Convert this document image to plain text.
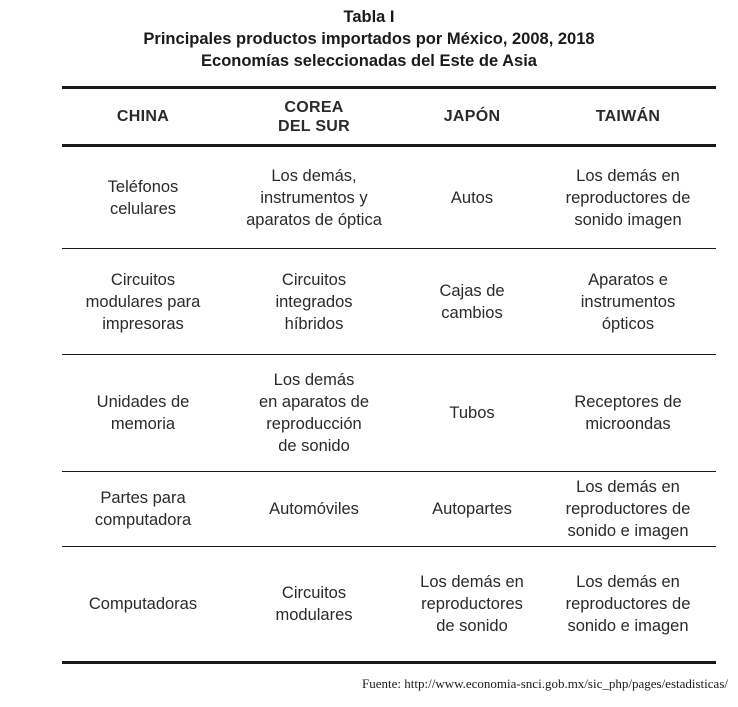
Tabla I
Principales productos importados por México, 2008, 2018
Economías seleccionadas del Este de Asia
CHINA	COREA
DEL SUR	JAPÓN	TAIWÁN

Teléfonos
celulares	Los demás,
instrumentos y
aparatos de óptica	Autos	Los demás en
reproductores de
sonido imagen

Circuitos
modulares para
impresoras	Circuitos
integrados
híbridos	Cajas de
cambios	Aparatos e
instrumentos
ópticos

Unidades de
memoria	Los demás
en aparatos de
reproducción
de sonido	Tubos	Receptores de
microondas

Partes para
computadora	Automóviles	Autopartes	Los demás en
reproductores de
sonido e imagen

Computadoras	Circuitos
modulares	Los demás en
reproductores
de sonido	Los demás en
reproductores de
sonido e imagen
Fuente: http://www.economia-snci.gob.mx/sic_php/pages/estadisticas/
